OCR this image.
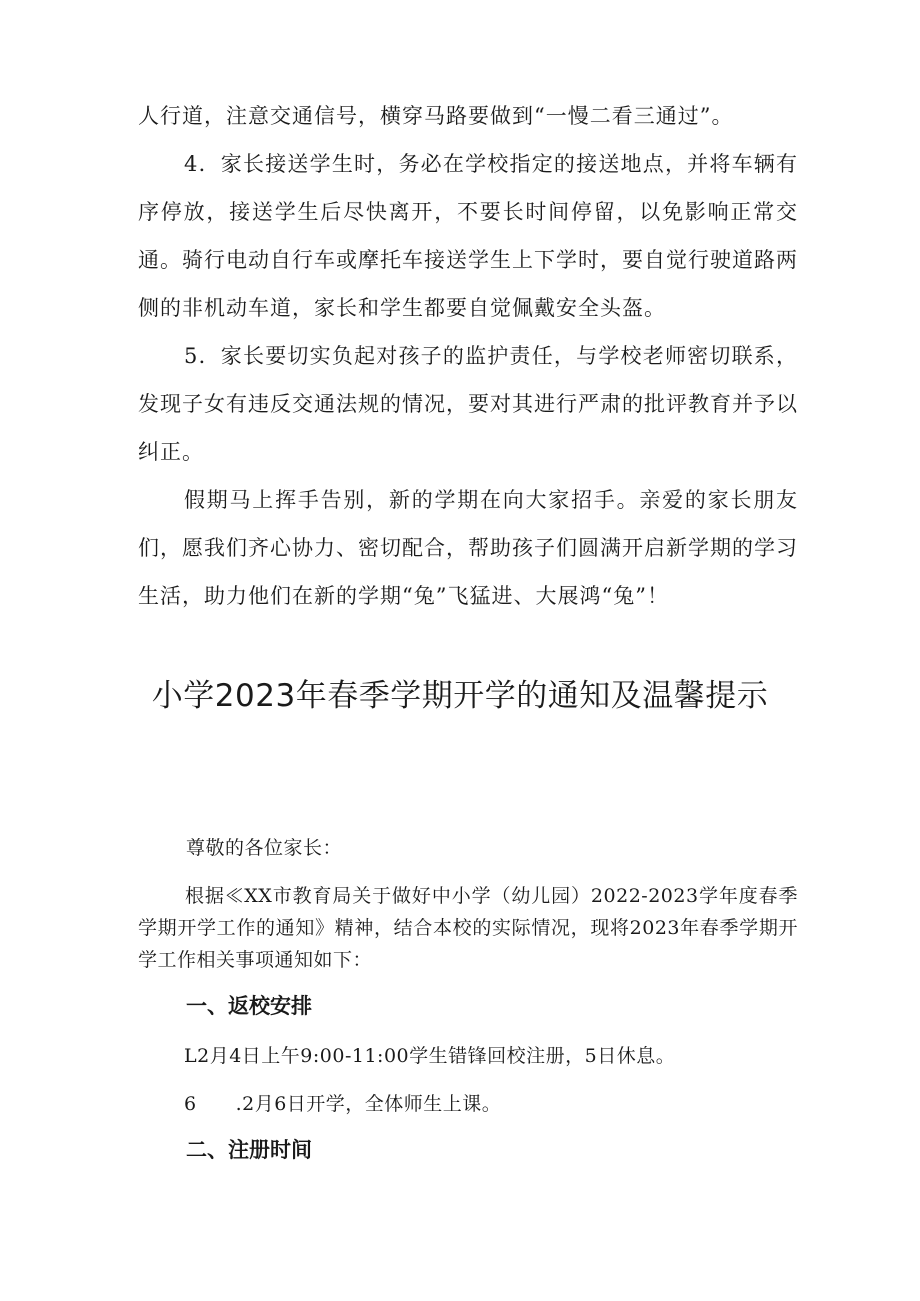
人行道，注意交通信号，横穿马路要做到“一慢二看三通过”。

4．家长接送学生时，务必在学校指定的接送地点，并将车辆有序停放，接送学生后尽快离开，不要长时间停留，以免影响正常交通。骑行电动自行车或摩托车接送学生上下学时，要自觉行驶道路两侧的非机动车道，家长和学生都要自觉佩戴安全头盔。

5．家长要切实负起对孩子的监护责任，与学校老师密切联系，发现子女有违反交通法规的情况，要对其进行严肃的批评教育并予以纠正。

假期马上挥手告别，新的学期在向大家招手。亲爱的家长朋友们，愿我们齐心协力、密切配合，帮助孩子们圆满开启新学期的学习生活，助力他们在新的学期“兔”飞猛进、大展鸿“兔”！

小学2023年春季学期开学的通知及温馨提示

尊敬的各位家长：

根据≪XX市教育局关于做好中小学（幼儿园）2022-2023学年度春季学期开学工作的通知》精神，结合本校的实际情况，现将2023年春季学期开学工作相关事项通知如下：

一、返校安排

L2月4日上午9:00-11:00学生错锋回校注册，5日休息。

6　　.2月6日开学，全体师生上课。

二、注册时间
